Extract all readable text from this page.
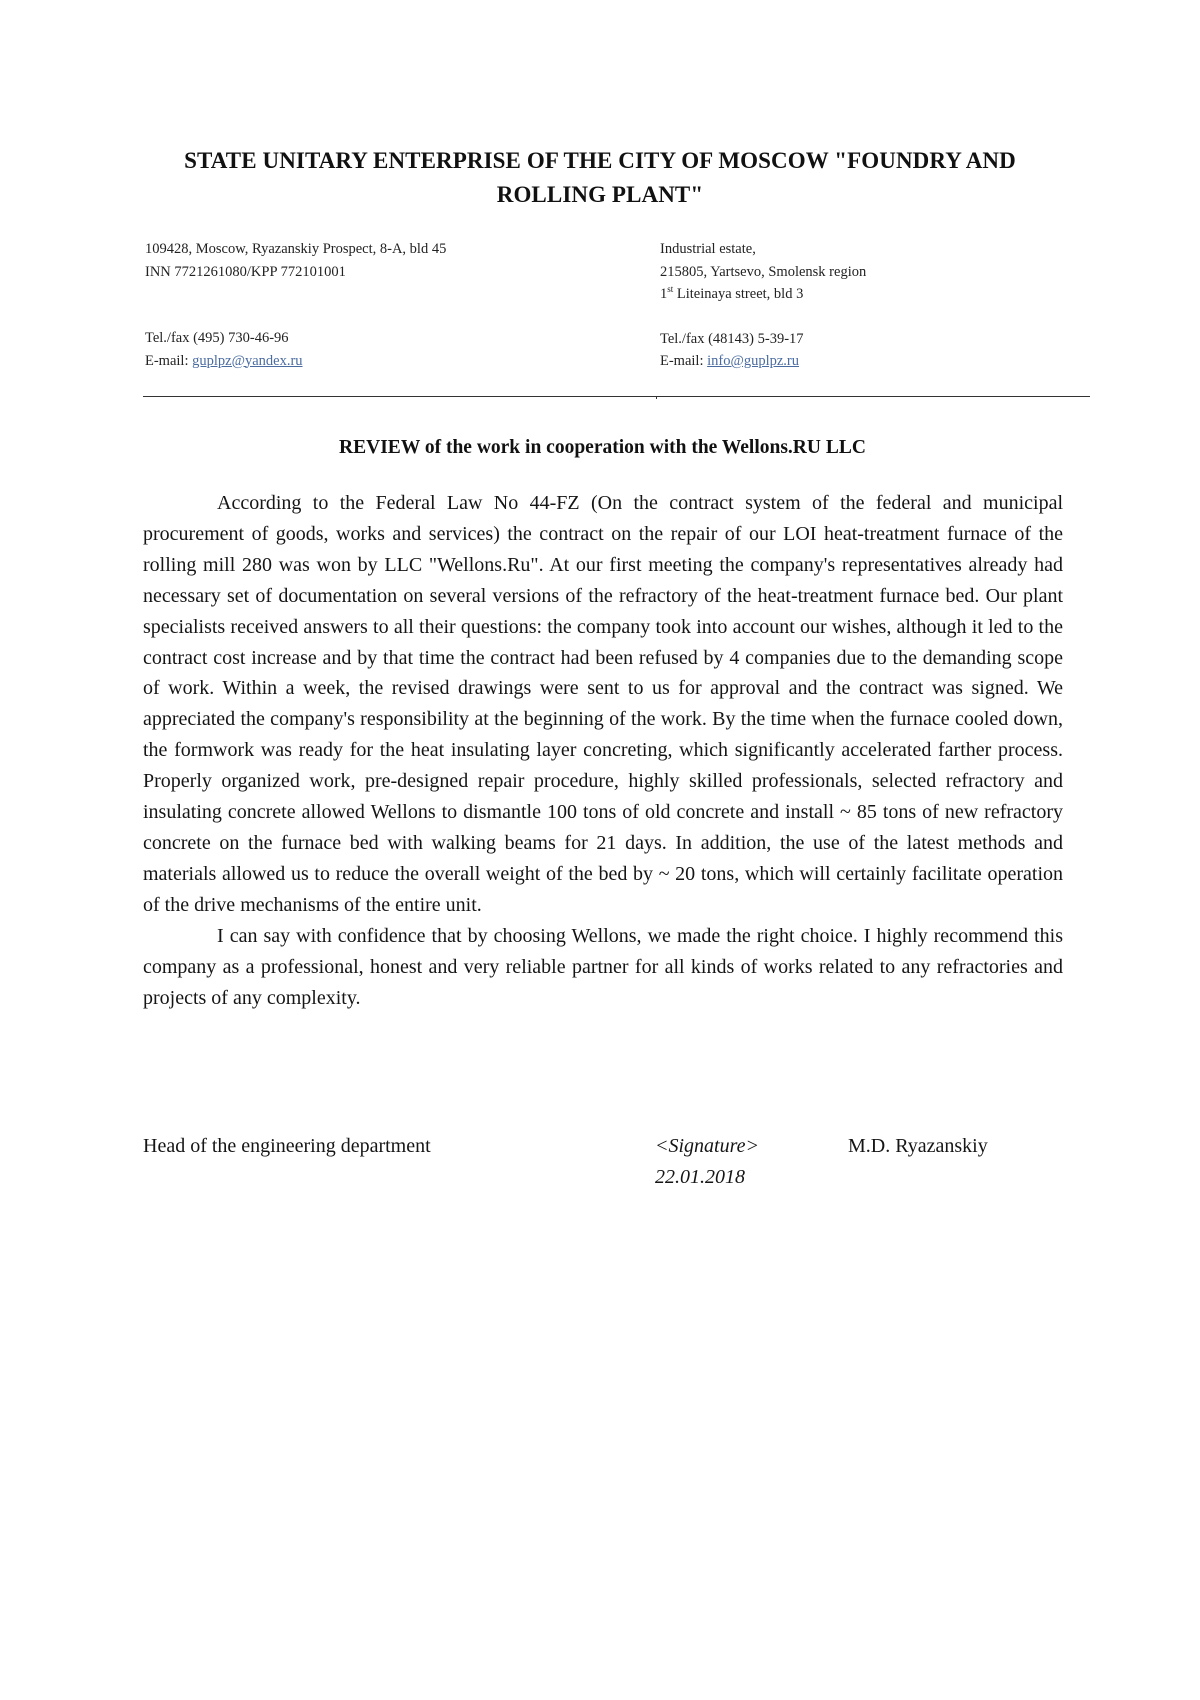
STATE UNITARY ENTERPRISE OF THE CITY OF MOSCOW "FOUNDRY AND ROLLING PLANT"
109428, Moscow, Ryazanskiy Prospect, 8-A, bld 45
INN 7721261080/KPP 772101001
Tel./fax (495) 730-46-96
E-mail: guplpz@yandex.ru
Industrial estate,
215805, Yartsevo, Smolensk region
1st Liteinaya street, bld 3
Tel./fax (48143) 5-39-17
E-mail: info@guplpz.ru
REVIEW of the work in cooperation with the Wellons.RU LLC

According to the Federal Law No 44-FZ (On the contract system of the federal and municipal procurement of goods, works and services) the contract on the repair of our LOI heat-treatment furnace of the rolling mill 280 was won by LLC "Wellons.Ru". At our first meeting the company's representatives already had necessary set of documentation on several versions of the refractory of the heat-treatment furnace bed. Our plant specialists received answers to all their questions: the company took into account our wishes, although it led to the contract cost increase and by that time the contract had been refused by 4 companies due to the demanding scope of work. Within a week, the revised drawings were sent to us for approval and the contract was signed. We appreciated the company's responsibility at the beginning of the work. By the time when the furnace cooled down, the formwork was ready for the heat insulating layer concreting, which significantly accelerated farther process. Properly organized work, pre-designed repair procedure, highly skilled professionals, selected refractory and insulating concrete allowed Wellons to dismantle 100 tons of old concrete and install ~ 85 tons of new refractory concrete on the furnace bed with walking beams for 21 days. In addition, the use of the latest methods and materials allowed us to reduce the overall weight of the bed by ~ 20 tons, which will certainly facilitate operation of the drive mechanisms of the entire unit.

I can say with confidence that by choosing Wellons, we made the right choice. I highly recommend this company as a professional, honest and very reliable partner for all kinds of works related to any refractories and projects of any complexity.

Head of the engineering department	<Signature>
22.01.2018
M.D. Ryazanskiy
